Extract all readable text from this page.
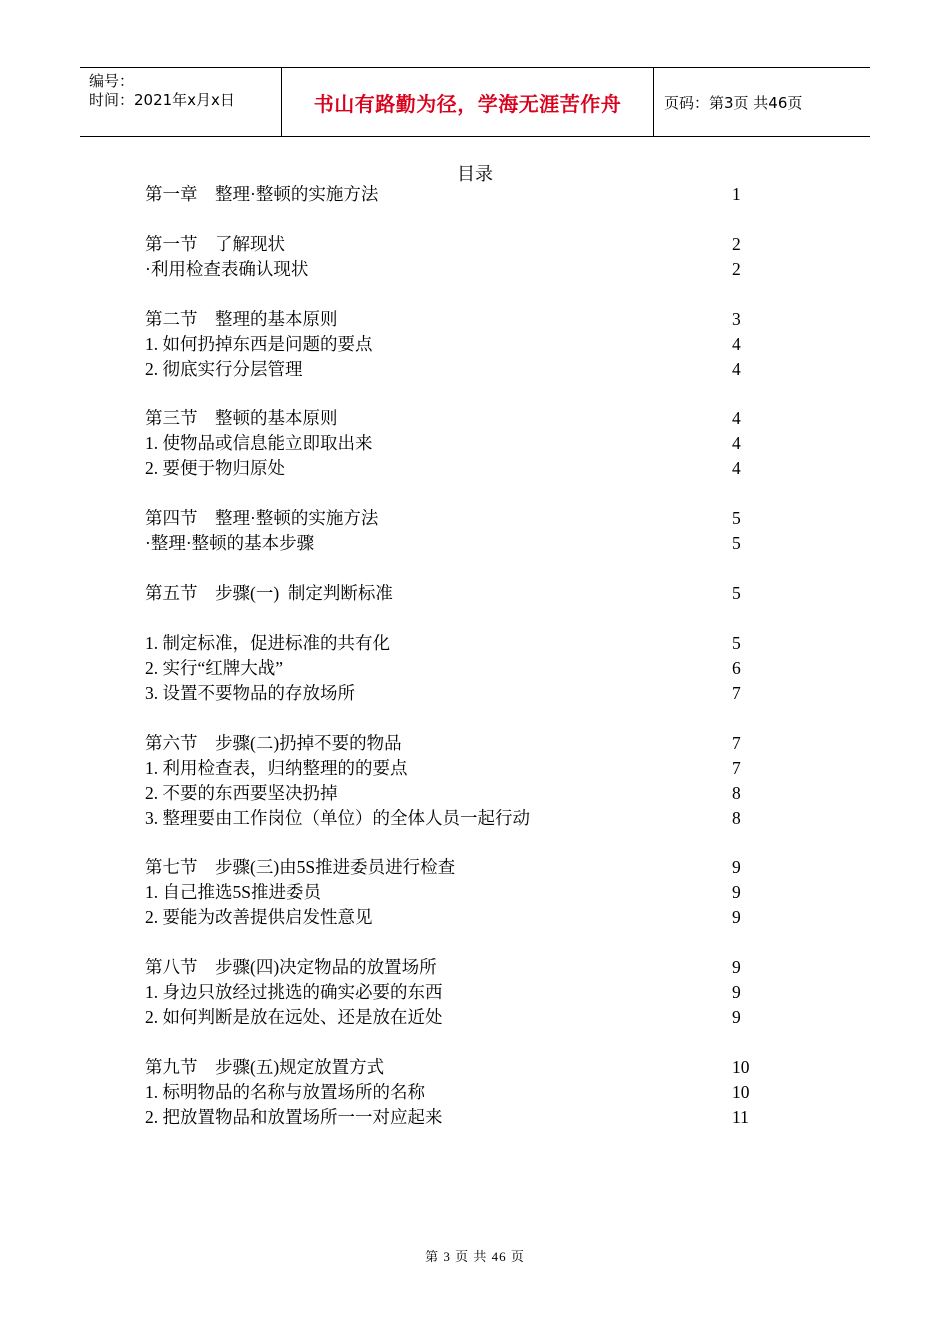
编号：
时间：2021年x月x日	书山有路勤为径，学海无涯苦作舟	页码：第3页 共46页
目录
第一章    整理·整顿的实施方法	1
第一节    了解现状	2
·利用检查表确认现状	2
第二节    整理的基本原则	3
1. 如何扔掉东西是问题的要点	4
2. 彻底实行分层管理	4
第三节    整顿的基本原则	4
1. 使物品或信息能立即取出来	4
2. 要便于物归原处	4
第四节    整理·整顿的实施方法	5
·整理·整顿的基本步骤	5
第五节    步骤(一)  制定判断标准	5
1. 制定标准，促进标准的共有化	5
2. 实行“红牌大战”	6
3. 设置不要物品的存放场所	7
第六节    步骤(二)扔掉不要的物品	7
1. 利用检查表，归纳整理的的要点	7
2. 不要的东西要坚决扔掉	8
3. 整理要由工作岗位（单位）的全体人员一起行动	8
第七节    步骤(三)由5S推进委员进行检查	9
1. 自己推选5S推进委员	9
2. 要能为改善提供启发性意见	9
第八节    步骤(四)决定物品的放置场所	9
1. 身边只放经过挑选的确实必要的东西	9
2. 如何判断是放在远处、还是放在近处	9
第九节    步骤(五)规定放置方式	10
1. 标明物品的名称与放置场所的名称	10
2. 把放置物品和放置场所一一对应起来	11
第 3 页 共 46 页
